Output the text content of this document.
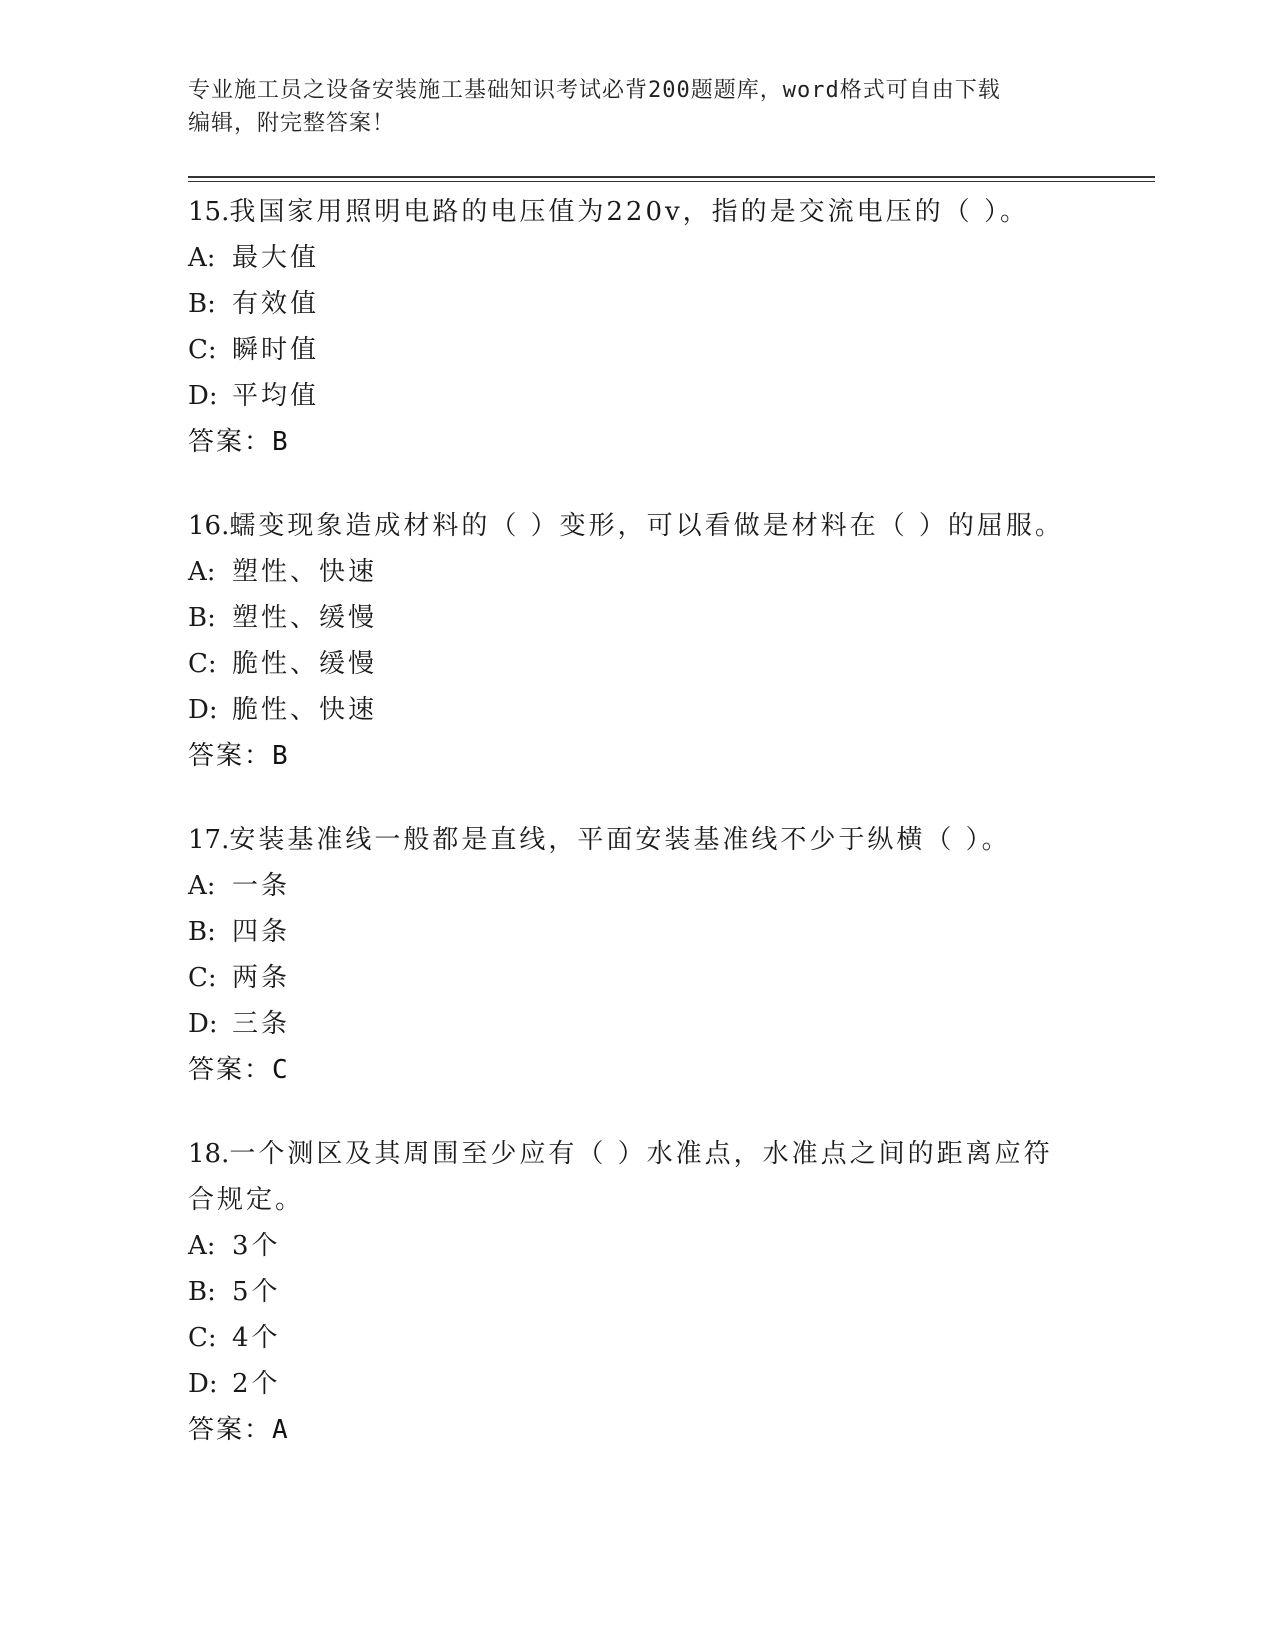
专业施工员之设备安装施工基础知识考试必背200题题库，word格式可自由下载
编辑，附完整答案！
15.我国家用照明电路的电压值为220v，指的是交流电压的（ ）。
A: 最大值
B: 有效值
C: 瞬时值
D: 平均值
答案：B
16.蠕变现象造成材料的（ ）变形，可以看做是材料在（ ）的屈服。
A: 塑性、快速
B: 塑性、缓慢
C: 脆性、缓慢
D: 脆性、快速
答案：B
17.安装基准线一般都是直线，平面安装基准线不少于纵横（ ）。
A: 一条
B: 四条
C: 两条
D: 三条
答案：C
18.一个测区及其周围至少应有（ ）水准点，水准点之间的距离应符
合规定。
A: 3个
B: 5个
C: 4个
D: 2个
答案：A
